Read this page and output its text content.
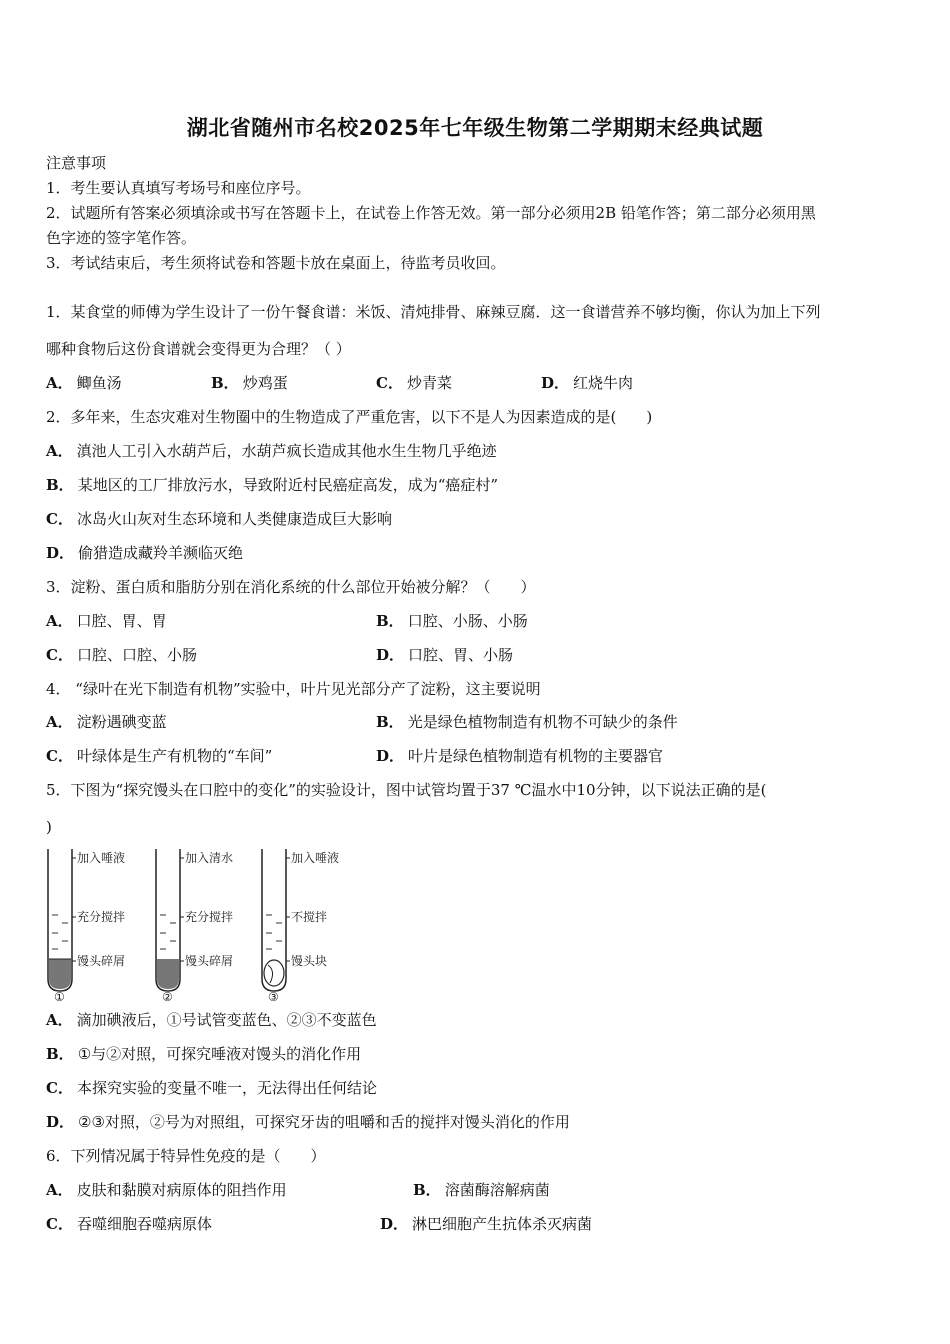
湖北省随州市名校2025年七年级生物第二学期期末经典试题
注意事项
1．考生要认真填写考场号和座位序号。
2．试题所有答案必须填涂或书写在答题卡上，在试卷上作答无效。第一部分必须用2B 铅笔作答；第二部分必须用黑
色字迹的签字笔作答。
3．考试结束后，考生须将试卷和答题卡放在桌面上，待监考员收回。
1．某食堂的师傅为学生设计了一份午餐食谱：米饭、清炖排骨、麻辣豆腐．这一食谱营养不够均衡，你认为加上下列
哪种食物后这份食谱就会变得更为合理？（ ）
A． 鲫鱼汤	B． 炒鸡蛋	C． 炒青菜	D． 红烧牛肉
2．多年来，生态灾难对生物圈中的生物造成了严重危害，以下不是人为因素造成的是(　　)
A． 滇池人工引入水葫芦后，水葫芦疯长造成其他水生生物几乎绝迹
B． 某地区的工厂排放污水，导致附近村民癌症高发，成为“癌症村”
C． 冰岛火山灰对生态环境和人类健康造成巨大影响
D． 偷猎造成藏羚羊濒临灭绝
3．淀粉、蛋白质和脂肪分别在消化系统的什么部位开始被分解？（　　）
A． 口腔、胃、胃	B． 口腔、小肠、小肠
C． 口腔、口腔、小肠	D． 口腔、胃、小肠
4． “绿叶在光下制造有机物”实验中，叶片见光部分产了淀粉，这主要说明
A． 淀粉遇碘变蓝	B． 光是绿色植物制造有机物不可缺少的条件
C． 叶绿体是生产有机物的“车间”	D． 叶片是绿色植物制造有机物的主要器官
5．下图为“探究馒头在口腔中的变化”的实验设计，图中试管均置于37 ℃温水中10分钟，以下说法正确的是(
)
加入唾液
充分搅拌
馒头碎屑
①
加入清水
充分搅拌
馒头碎屑
②
加入唾液
不搅拌
馒头块
③
A． 滴加碘液后，①号试管变蓝色、②③不变蓝色
B． ①与②对照，可探究唾液对馒头的消化作用
C． 本探究实验的变量不唯一，无法得出任何结论
D． ②③对照，②号为对照组，可探究牙齿的咀嚼和舌的搅拌对馒头消化的作用
6．下列情况属于特异性免疫的是（　　）
A． 皮肤和黏膜对病原体的阻挡作用	B． 溶菌酶溶解病菌
C． 吞噬细胞吞噬病原体	D． 淋巴细胞产生抗体杀灭病菌
